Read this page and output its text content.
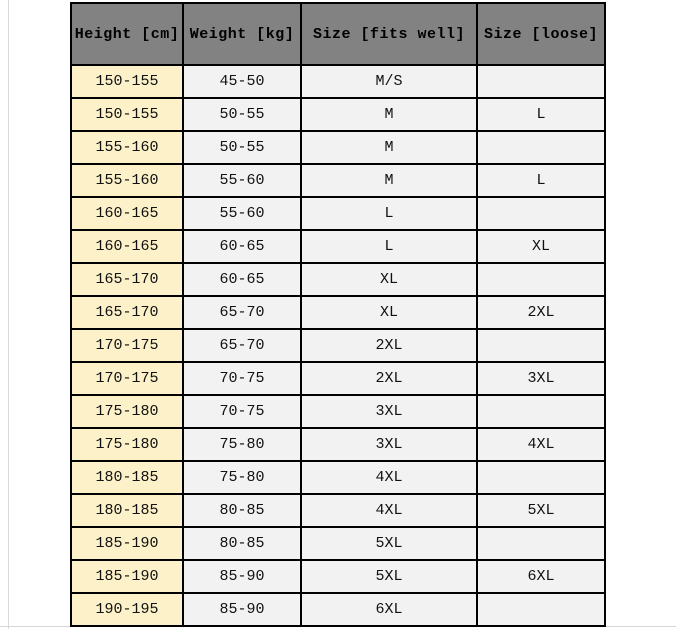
Height [cm]	Weight [kg]	Size [fits well]	Size [loose]
150-155	45-50	M/S	
150-155	50-55	M	L
155-160	50-55	M	
155-160	55-60	M	L
160-165	55-60	L	
160-165	60-65	L	XL
165-170	60-65	XL	
165-170	65-70	XL	2XL
170-175	65-70	2XL	
170-175	70-75	2XL	3XL
175-180	70-75	3XL	
175-180	75-80	3XL	4XL
180-185	75-80	4XL	
180-185	80-85	4XL	5XL
185-190	80-85	5XL	
185-190	85-90	5XL	6XL
190-195	85-90	6XL	
